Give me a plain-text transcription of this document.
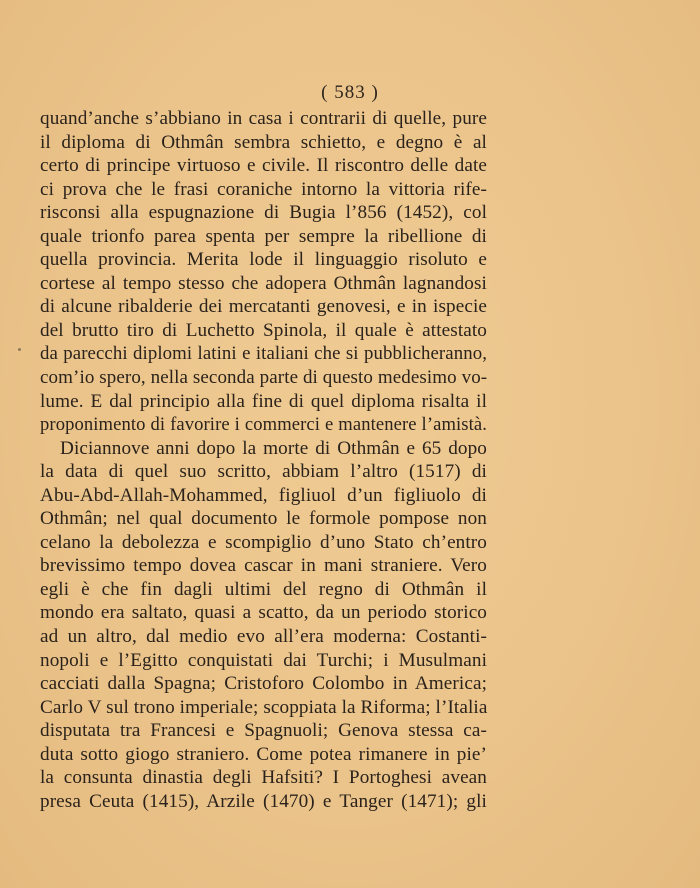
( 583 )
quand’anche s’abbiano in casa i contrarii di quelle, pure
il diploma di Othmân sembra schietto, e degno è al
certo di principe virtuoso e civile. Il riscontro delle date
ci prova che le frasi coraniche intorno la vittoria rife-
risconsi alla espugnazione di Bugia l’856 (1452), col
quale trionfo parea spenta per sempre la ribellione di
quella provincia. Merita lode il linguaggio risoluto e
cortese al tempo stesso che adopera Othmân lagnandosi
di alcune ribalderie dei mercatanti genovesi, e in ispecie
del brutto tiro di Luchetto Spinola, il quale è attestato
da parecchi diplomi latini e italiani che si pubblicheranno,
com’io spero, nella seconda parte di questo medesimo vo-
lume. E dal principio alla fine di quel diploma risalta il
proponimento di favorire i commerci e mantenere l’amistà.
Diciannove anni dopo la morte di Othmân e 65 dopo
la data di quel suo scritto, abbiam l’altro (1517) di
Abu-Abd-Allah-Mohammed, figliuol d’un figliuolo di
Othmân; nel qual documento le formole pompose non
celano la debolezza e scompiglio d’uno Stato ch’entro
brevissimo tempo dovea cascar in mani straniere. Vero
egli è che fin dagli ultimi del regno di Othmân il
mondo era saltato, quasi a scatto, da un periodo storico
ad un altro, dal medio evo all’era moderna: Costanti-
nopoli e l’Egitto conquistati dai Turchi; i Musulmani
cacciati dalla Spagna; Cristoforo Colombo in America;
Carlo V sul trono imperiale; scoppiata la Riforma; l’Italia
disputata tra Francesi e Spagnuoli; Genova stessa ca-
duta sotto giogo straniero. Come potea rimanere in pie’
la consunta dinastia degli Hafsiti? I Portoghesi avean
presa Ceuta (1415), Arzile (1470) e Tanger (1471); gli
